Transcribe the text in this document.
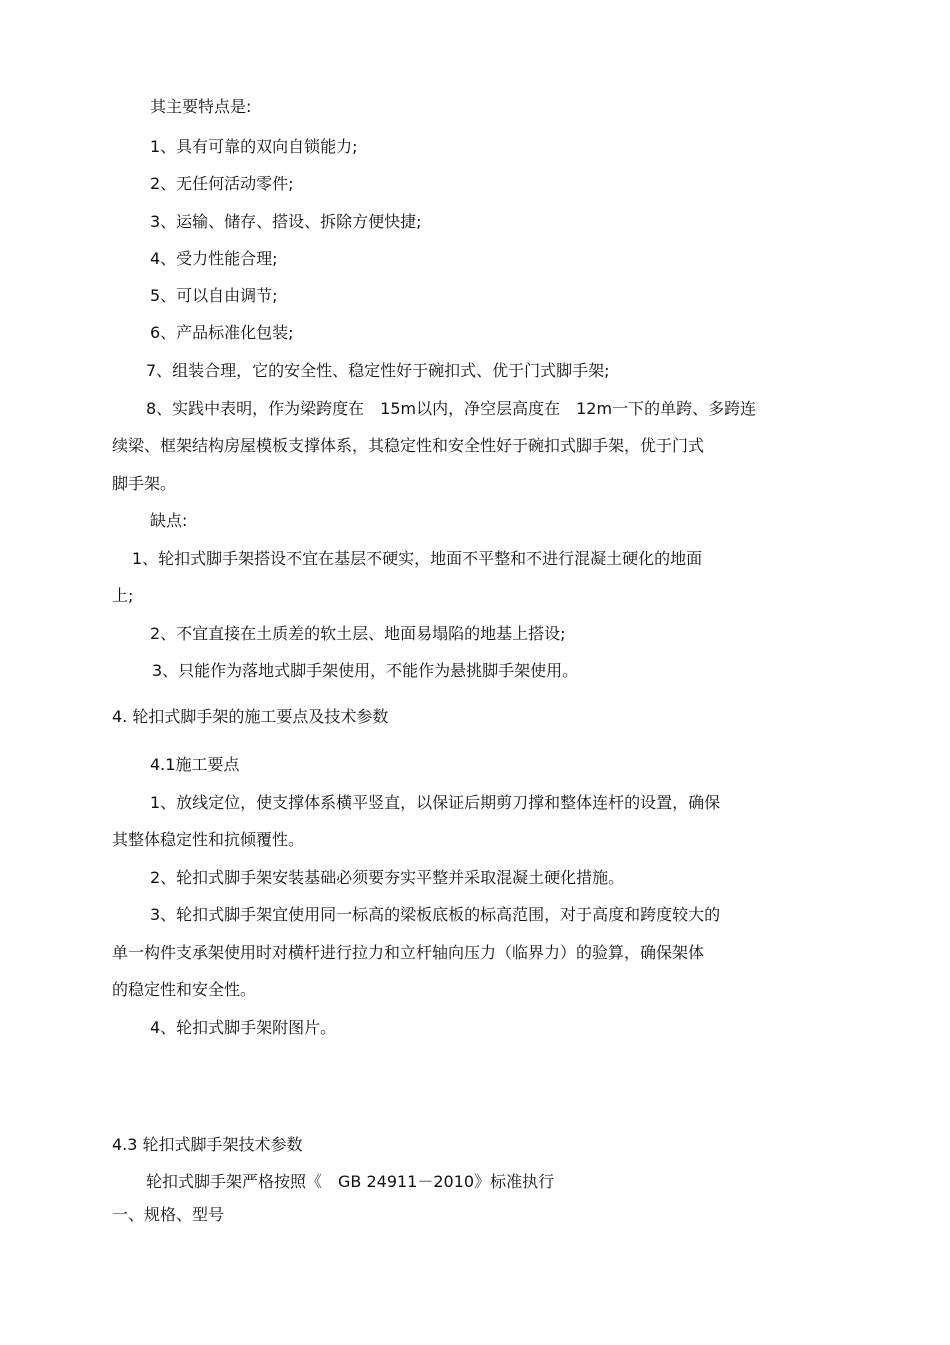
其主要特点是:

1、具有可靠的双向自锁能力;

2、无任何活动零件;

3、运输、储存、搭设、拆除方便快捷;

4、受力性能合理;

5、可以自由调节;

6、产品标准化包装;

7、组装合理，它的安全性、稳定性好于碗扣式、优于门式脚手架;

8、实践中表明，作为梁跨度在　15m以内，净空层高度在　12m一下的单跨、多跨连

续梁、框架结构房屋模板支撑体系，其稳定性和安全性好于碗扣式脚手架，优于门式

脚手架。

缺点:

1、轮扣式脚手架搭设不宜在基层不硬实，地面不平整和不进行混凝土硬化的地面

上;

2、不宜直接在土质差的软土层、地面易塌陷的地基上搭设;

3、只能作为落地式脚手架使用，不能作为悬挑脚手架使用。

4. 轮扣式脚手架的施工要点及技术参数

4.1施工要点

1、放线定位，使支撑体系横平竖直，以保证后期剪刀撑和整体连杆的设置，确保

其整体稳定性和抗倾覆性。

2、轮扣式脚手架安装基础必须要夯实平整并采取混凝土硬化措施。

3、轮扣式脚手架宜使用同一标高的梁板底板的标高范围，对于高度和跨度较大的

单一构件支承架使用时对横杆进行拉力和立杆轴向压力（临界力）的验算，确保架体

的稳定性和安全性。

4、轮扣式脚手架附图片。

4.3 轮扣式脚手架技术参数

轮扣式脚手架严格按照《　GB 24911－2010》标准执行

一、规格、型号
